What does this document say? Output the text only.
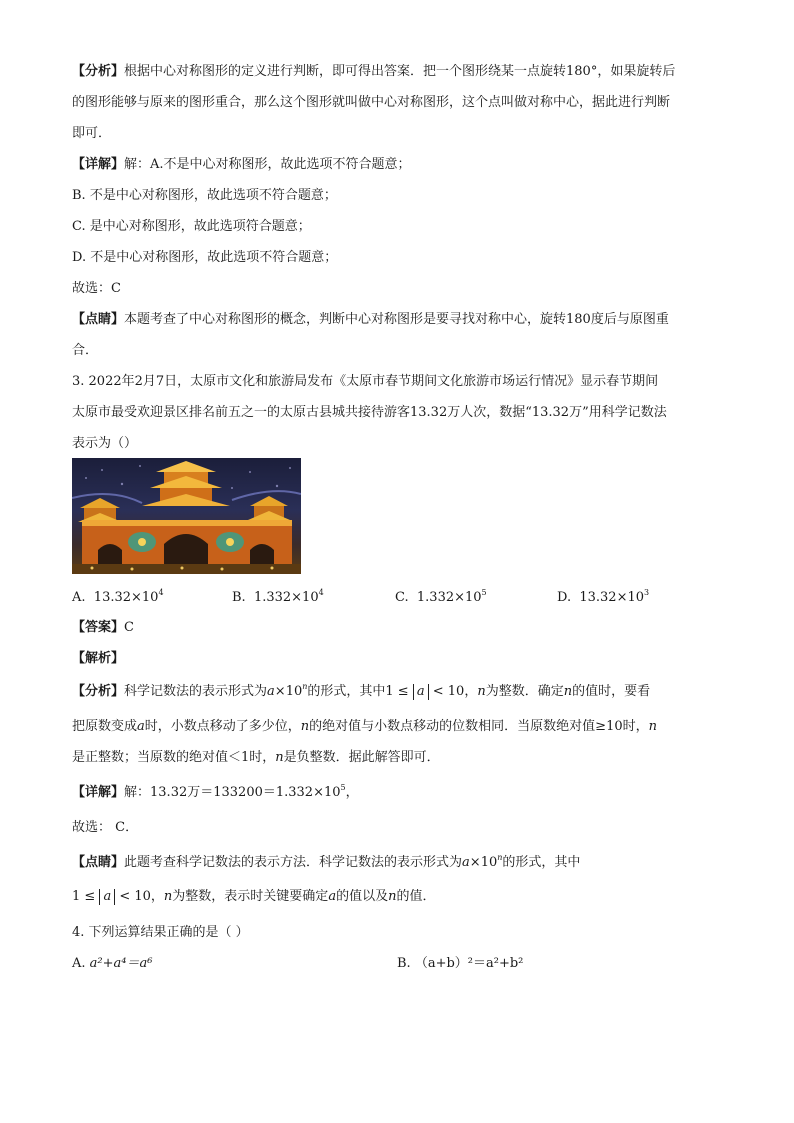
【分析】根据中心对称图形的定义进行判断，即可得出答案．把一个图形绕某一点旋转180°，如果旋转后

的图形能够与原来的图形重合，那么这个图形就叫做中心对称图形，这个点叫做对称中心，据此进行判断

即可．

【详解】解：A.不是中心对称图形，故此选项不符合题意；

B. 不是中心对称图形，故此选项不符合题意；

C. 是中心对称图形，故此选项符合题意；

D. 不是中心对称图形，故此选项不符合题意；

故选：C

【点睛】本题考查了中心对称图形的概念，判断中心对称图形是要寻找对称中心，旋转180度后与原图重

合．

3. 2022年2月7日，太原市文化和旅游局发布《太原市春节期间文化旅游市场运行情况》显示春节期间

太原市最受欢迎景区排名前五之一的太原古县城共接待游客13.32万人次，数据“13.32万”用科学记数法

表示为（）

A. $13.32\times 10^4$	B. $1.332\times 10^4$	C. $1.332\times 10^5$	D. $13.32\times 10^3$

【答案】C

【解析】

【分析】科学记数法的表示形式为$a\times 10^n$的形式，其中1 ≤ a < 10，n为整数．确定n的值时，要看

把原数变成a时，小数点移动了多少位，n的绝对值与小数点移动的位数相同．当原数绝对值≥10时，n

是正整数；当原数的绝对值＜1时，n是负整数．据此解答即可．

【详解】解：13.32万$=133200=1.332\times 10^5$，

故选： C．

【点睛】此题考查科学记数法的表示方法．科学记数法的表示形式为$a\times 10^n$的形式，其中

1 ≤ a < 10，n为整数，表示时关键要确定a的值以及n的值．

4. 下列运算结果正确的是（ ）

A. a²+a⁴＝a⁶	B. （a+b）²＝a²+b²
